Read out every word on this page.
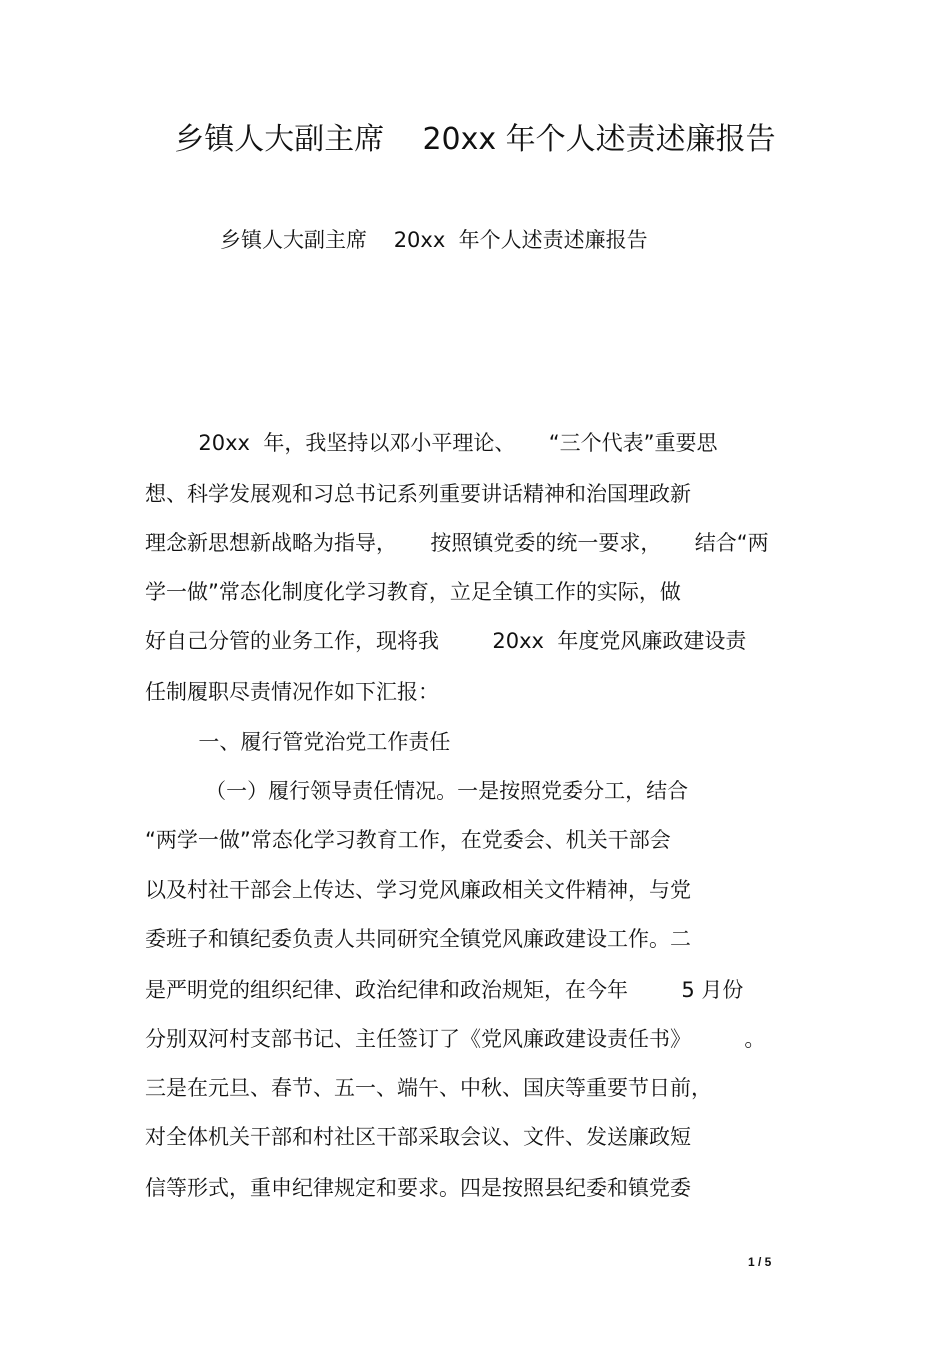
乡镇人大副主席    20xx 年个人述责述廉报告

乡镇人大副主席    20xx  年个人述责述廉报告

20xx  年，我坚持以邓小平理论、     “三个代表”重要思

想、科学发展观和习总书记系列重要讲话精神和治国理政新

理念新思想新战略为指导，     按照镇党委的统一要求，     结合“两

学一做”常态化制度化学习教育，立足全镇工作的实际，做

好自己分管的业务工作，现将我        20xx  年度党风廉政建设责

任制履职尽责情况作如下汇报：

一、履行管党治党工作责任

（一）履行领导责任情况。一是按照党委分工，结合

“两学一做”常态化学习教育工作，在党委会、机关干部会

以及村社干部会上传达、学习党风廉政相关文件精神，与党

委班子和镇纪委负责人共同研究全镇党风廉政建设工作。二

是严明党的组织纪律、政治纪律和政治规矩，在今年        5 月份

分别双河村支部书记、主任签订了《党风廉政建设责任书》        。

三是在元旦、春节、五一、端午、中秋、国庆等重要节日前，

对全体机关干部和村社区干部采取会议、文件、发送廉政短

信等形式，重申纪律规定和要求。四是按照县纪委和镇党委

1 / 5
